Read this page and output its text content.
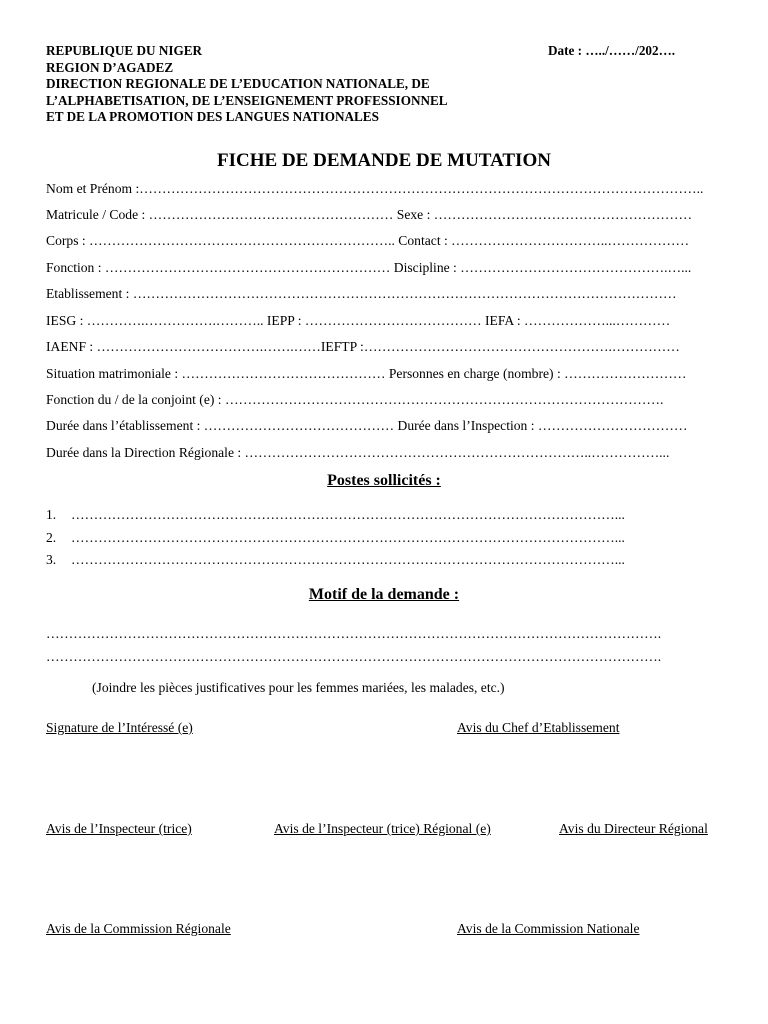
REPUBLIQUE DU NIGER
REGION D’AGADEZ
DIRECTION REGIONALE DE L’EDUCATION NATIONALE, DE
L’ALPHABETISATION, DE L’ENSEIGNEMENT PROFESSIONNEL
ET DE LA PROMOTION DES LANGUES NATIONALES
Date : …../……/202….
FICHE DE DEMANDE DE MUTATION
Nom et Prénom :……………………………………………………………………………………………………………..
Matricule / Code : ……………………………………………… Sexe : …………………………………………………
Corps : ………………………………………………………….. Contact : ……………………………..………………
Fonction : ……………………………………………………… Discipline : ……………………………………….…...
Etablissement : …………………………………………………………………………………………………………
IESG : ………….…………….……….. IEPP : ………………………………… IEFA : ………………...…………
IAENF : ……………………………….…….……IEFTP :……………………………………………….……………
Situation matrimoniale : ……………………………………… Personnes en charge (nombre) : ………………………
Fonction du / de la conjoint (e) : …………………………………………………………………………………….
Durée dans l’établissement : …………………………………… Durée dans l’Inspection : ……………………………
Durée dans la Direction Régionale : …………………………………………………………………..……………...
Postes sollicités :
1. …………………………………………………………………………………………………………...
2. …………………………………………………………………………………………………………...
3. …………………………………………………………………………………………………………...
Motif de la demande :
……………………………………………………………………………………………………………………….
……………………………………………………………………………………………………………………….
(Joindre les pièces justificatives pour les femmes mariées, les malades, etc.)
Signature de l’Intéressé (e)	Avis du Chef d’Etablissement
Avis de l’Inspecteur (trice)	Avis de l’Inspecteur (trice) Régional (e)	Avis du Directeur Régional
Avis de la Commission Régionale	Avis de la Commission Nationale
